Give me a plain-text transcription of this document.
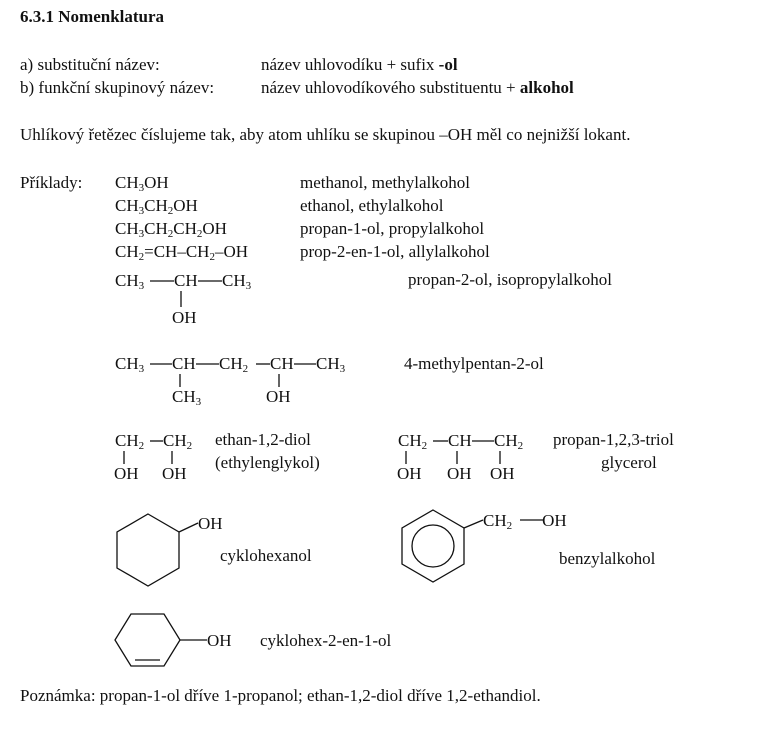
6.3.1 Nomenklatura
a) substituční název:	název uhlovodíku + sufix -ol
b) funkční skupinový název:	název uhlovodíkového substituentu + alkohol
Uhlíkový řetězec číslujeme tak, aby atom uhlíku se skupinou –OH měl co nejnižší lokant.
Příklady: $CH_3OH$	methanol, methylalkohol
$CH_3CH_2OH$	ethanol, ethylalkohol
$CH_3CH_2CH_2OH$	propan-1-ol, propylalkohol
$CH_2=CH-CH_2-OH$	prop-2-en-1-ol, allylalkohol
$CH_3$ CH $CH_3$
OH
propan-2-ol, isopropylalkohol
$CH_3$ CH $CH_2$ CH $CH_3$
$CH_3$	OH
4-methylpentan-2-ol
$CH_2$ $CH_2$
OH OH
ethan-1,2-diol
(ethylenglykol)
$CH_2$ CH $CH_2$
OH OH OH
propan-1,2,3-triol
glycerol
OH
cyklohexanol
$CH_2$ OH
benzylalkohol
OH cyklohex-2-en-1-ol
Poznámka: propan-1-ol dříve 1-propanol; ethan-1,2-diol dříve 1,2-ethandiol.
